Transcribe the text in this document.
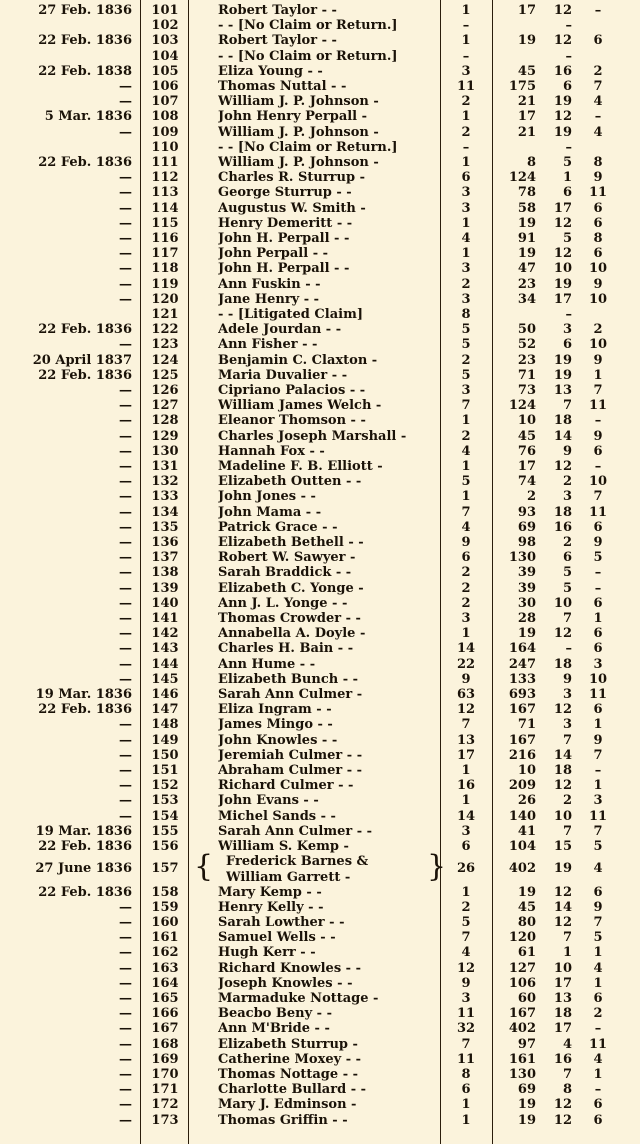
27 Feb. 1836	101	Robert Taylor - -	1	17	12	–
102	- - [No Claim or Return.]	–	–
22 Feb. 1836	103	Robert Taylor - -	1	19	12	6
104	- - [No Claim or Return.]	–	–
22 Feb. 1838	105	Eliza Young - -	3	45	16	2
—	106	Thomas Nuttal - -	11	175	6	7
—	107	William J. P. Johnson -	2	21	19	4
5 Mar. 1836	108	John Henry Perpall -	1	17	12	–
—	109	William J. P. Johnson -	2	21	19	4
110	- - [No Claim or Return.]	–	–
22 Feb. 1836	111	William J. P. Johnson -	1	8	5	8
—	112	Charles R. Sturrup -	6	124	1	9
—	113	George Sturrup - -	3	78	6	11
—	114	Augustus W. Smith -	3	58	17	6
—	115	Henry Demeritt - -	1	19	12	6
—	116	John H. Perpall - -	4	91	5	8
—	117	John Perpall - -	1	19	12	6
—	118	John H. Perpall - -	3	47	10	10
—	119	Ann Fuskin - -	2	23	19	9
—	120	Jane Henry - -	3	34	17	10
121	- - [Litigated Claim]	8	–
22 Feb. 1836	122	Adele Jourdan - -	5	50	3	2
—	123	Ann Fisher - -	5	52	6	10
20 April 1837	124	Benjamin C. Claxton -	2	23	19	9
22 Feb. 1836	125	Maria Duvalier - -	5	71	19	1
—	126	Cipriano Palacios - -	3	73	13	7
—	127	William James Welch -	7	124	7	11
—	128	Eleanor Thomson - -	1	10	18	–
—	129	Charles Joseph Marshall -	2	45	14	9
—	130	Hannah Fox - -	4	76	9	6
—	131	Madeline F. B. Elliott -	1	17	12	–
—	132	Elizabeth Outten - -	5	74	2	10
—	133	John Jones - -	1	2	3	7
—	134	John Mama - -	7	93	18	11
—	135	Patrick Grace - -	4	69	16	6
—	136	Elizabeth Bethell - -	9	98	2	9
—	137	Robert W. Sawyer -	6	130	6	5
—	138	Sarah Braddick - -	2	39	5	–
—	139	Elizabeth C. Yonge -	2	39	5	–
—	140	Ann J. L. Yonge - -	2	30	10	6
—	141	Thomas Crowder - -	3	28	7	1
—	142	Annabella A. Doyle -	1	19	12	6
—	143	Charles H. Bain - -	14	164	–	6
—	144	Ann Hume - -	22	247	18	3
—	145	Elizabeth Bunch - -	9	133	9	10
19 Mar. 1836	146	Sarah Ann Culmer -	63	693	3	11
22 Feb. 1836	147	Eliza Ingram - -	12	167	12	6
—	148	James Mingo - -	7	71	3	1
—	149	John Knowles - -	13	167	7	9
—	150	Jeremiah Culmer - -	17	216	14	7
—	151	Abraham Culmer - -	1	10	18	–
—	152	Richard Culmer - -	16	209	12	1
—	153	John Evans - -	1	26	2	3
—	154	Michel Sands - -	14	140	10	11
19 Mar. 1836	155	Sarah Ann Culmer - -	3	41	7	7
22 Feb. 1836	156	William S. Kemp -	6	104	15	5
27 June 1836	157	Frederick Barnes &	26	402	19	4
William Garrett -
22 Feb. 1836	158	Mary Kemp - -	1	19	12	6
—	159	Henry Kelly - -	2	45	14	9
—	160	Sarah Lowther - -	5	80	12	7
—	161	Samuel Wells - -	7	120	7	5
—	162	Hugh Kerr - -	4	61	1	1
—	163	Richard Knowles - -	12	127	10	4
—	164	Joseph Knowles - -	9	106	17	1
—	165	Marmaduke Nottage -	3	60	13	6
—	166	Beacbo Beny - -	11	167	18	2
—	167	Ann M'Bride - -	32	402	17	–
—	168	Elizabeth Sturrup -	7	97	4	11
—	169	Catherine Moxey - -	11	161	16	4
—	170	Thomas Nottage - -	8	130	7	1
—	171	Charlotte Bullard - -	6	69	8	–
—	172	Mary J. Edminson -	1	19	12	6
—	173	Thomas Griffin - -	1	19	12	6
{	}
